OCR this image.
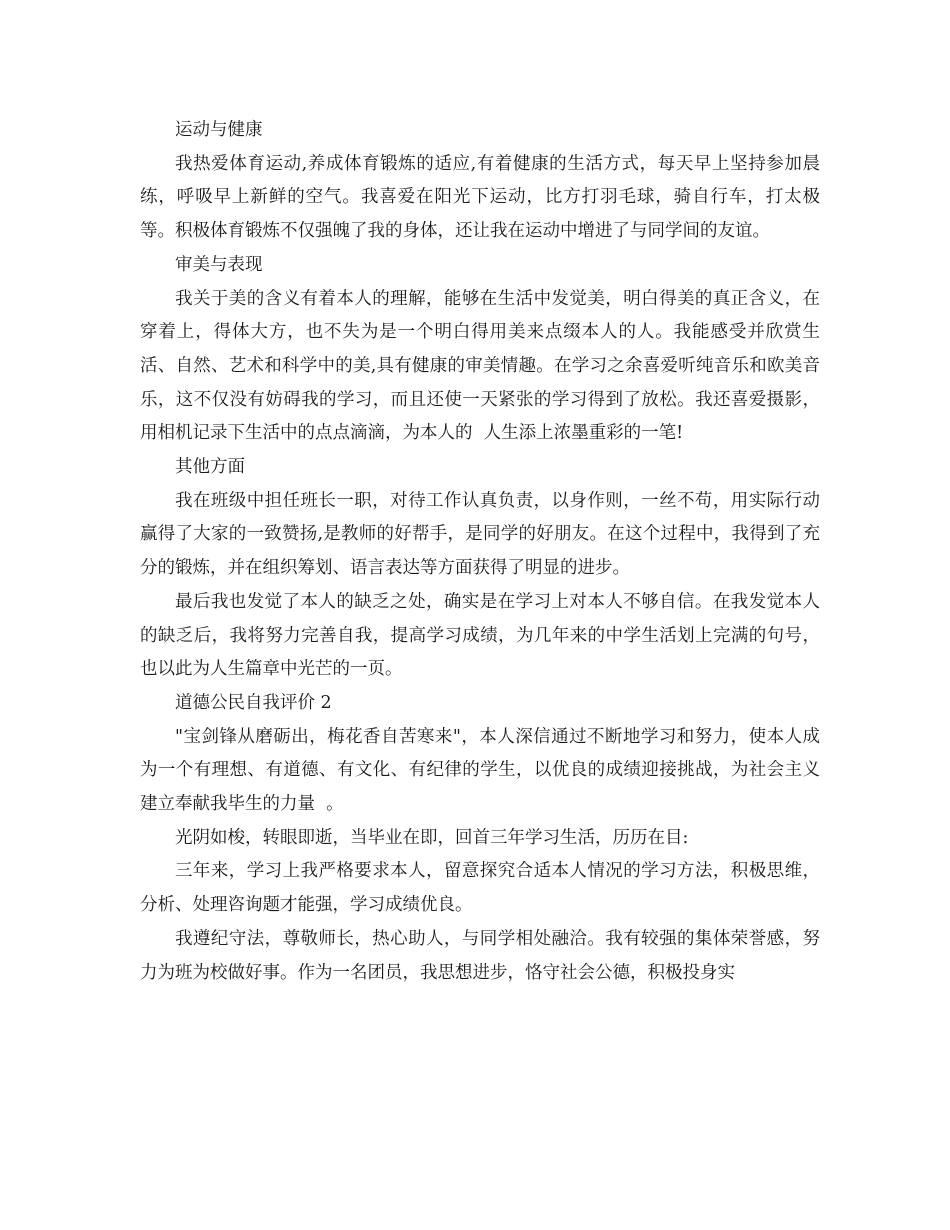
运动与健康

我热爱体育运动,养成体育锻炼的适应,有着健康的生活方式，每天早上坚持参加晨练，呼吸早上新鲜的空气。我喜爱在阳光下运动，比方打羽毛球，骑自行车，打太极等。积极体育锻炼不仅强魄了我的身体，还让我在运动中增进了与同学间的友谊。

审美与表现

我关于美的含义有着本人的理解，能够在生活中发觉美，明白得美的真正含义，在穿着上，得体大方，也不失为是一个明白得用美来点缀本人的人。我能感受并欣赏生活、自然、艺术和科学中的美,具有健康的审美情趣。在学习之余喜爱听纯音乐和欧美音乐，这不仅没有妨碍我的学习，而且还使一天紧张的学习得到了放松。我还喜爱摄影，用相机记录下生活中的点点滴滴，为本人的  人生添上浓墨重彩的一笔!

其他方面

我在班级中担任班长一职，对待工作认真负责，以身作则，一丝不苟，用实际行动赢得了大家的一致赞扬,是教师的好帮手，是同学的好朋友。在这个过程中，我得到了充分的锻炼，并在组织筹划、语言表达等方面获得了明显的进步。

最后我也发觉了本人的缺乏之处，确实是在学习上对本人不够自信。在我发觉本人的缺乏后，我将努力完善自我，提高学习成绩，为几年来的中学生活划上完满的句号，也以此为人生篇章中光芒的一页。

道德公民自我评价 2

"宝剑锋从磨砺出，梅花香自苦寒来"，本人深信通过不断地学习和努力，使本人成为一个有理想、有道德、有文化、有纪律的学生，以优良的成绩迎接挑战，为社会主义建立奉献我毕生的力量  。

光阴如梭，转眼即逝，当毕业在即，回首三年学习生活，历历在目:

三年来，学习上我严格要求本人，留意探究合适本人情况的学习方法，积极思维，分析、处理咨询题才能强，学习成绩优良。

我遵纪守法，尊敬师长，热心助人，与同学相处融洽。我有较强的集体荣誉感，努  力为班为校做好事。作为一名团员，我思想进步，恪守社会公德，积极投身实
